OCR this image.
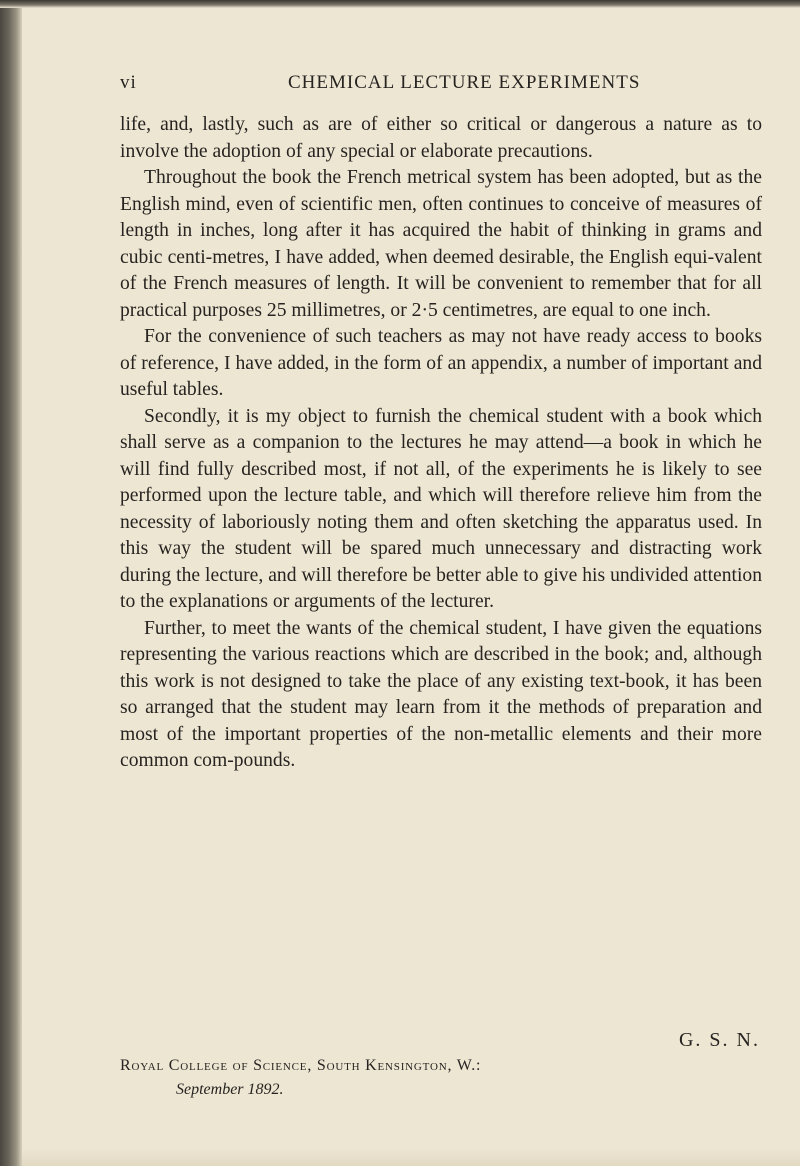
vi	CHEMICAL LECTURE EXPERIMENTS

life, and, lastly, such as are of either so critical or dangerous a nature as to involve the adoption of any special or elaborate precautions.

Throughout the book the French metrical system has been adopted, but as the English mind, even of scientific men, often continues to conceive of measures of length in inches, long after it has acquired the habit of thinking in grams and cubic centi-metres, I have added, when deemed desirable, the English equi-valent of the French measures of length. It will be convenient to remember that for all practical purposes 25 millimetres, or 2·5 centimetres, are equal to one inch.

For the convenience of such teachers as may not have ready access to books of reference, I have added, in the form of an appendix, a number of important and useful tables.

Secondly, it is my object to furnish the chemical student with a book which shall serve as a companion to the lectures he may attend—a book in which he will find fully described most, if not all, of the experiments he is likely to see performed upon the lecture table, and which will therefore relieve him from the necessity of laboriously noting them and often sketching the apparatus used. In this way the student will be spared much unnecessary and distracting work during the lecture, and will therefore be better able to give his undivided attention to the explanations or arguments of the lecturer.

Further, to meet the wants of the chemical student, I have given the equations representing the various reactions which are described in the book; and, although this work is not designed to take the place of any existing text-book, it has been so arranged that the student may learn from it the methods of preparation and most of the important properties of the non-metallic elements and their more common com-pounds.

G. S. N.
Royal College of Science, South Kensington, W.:
September 1892.
